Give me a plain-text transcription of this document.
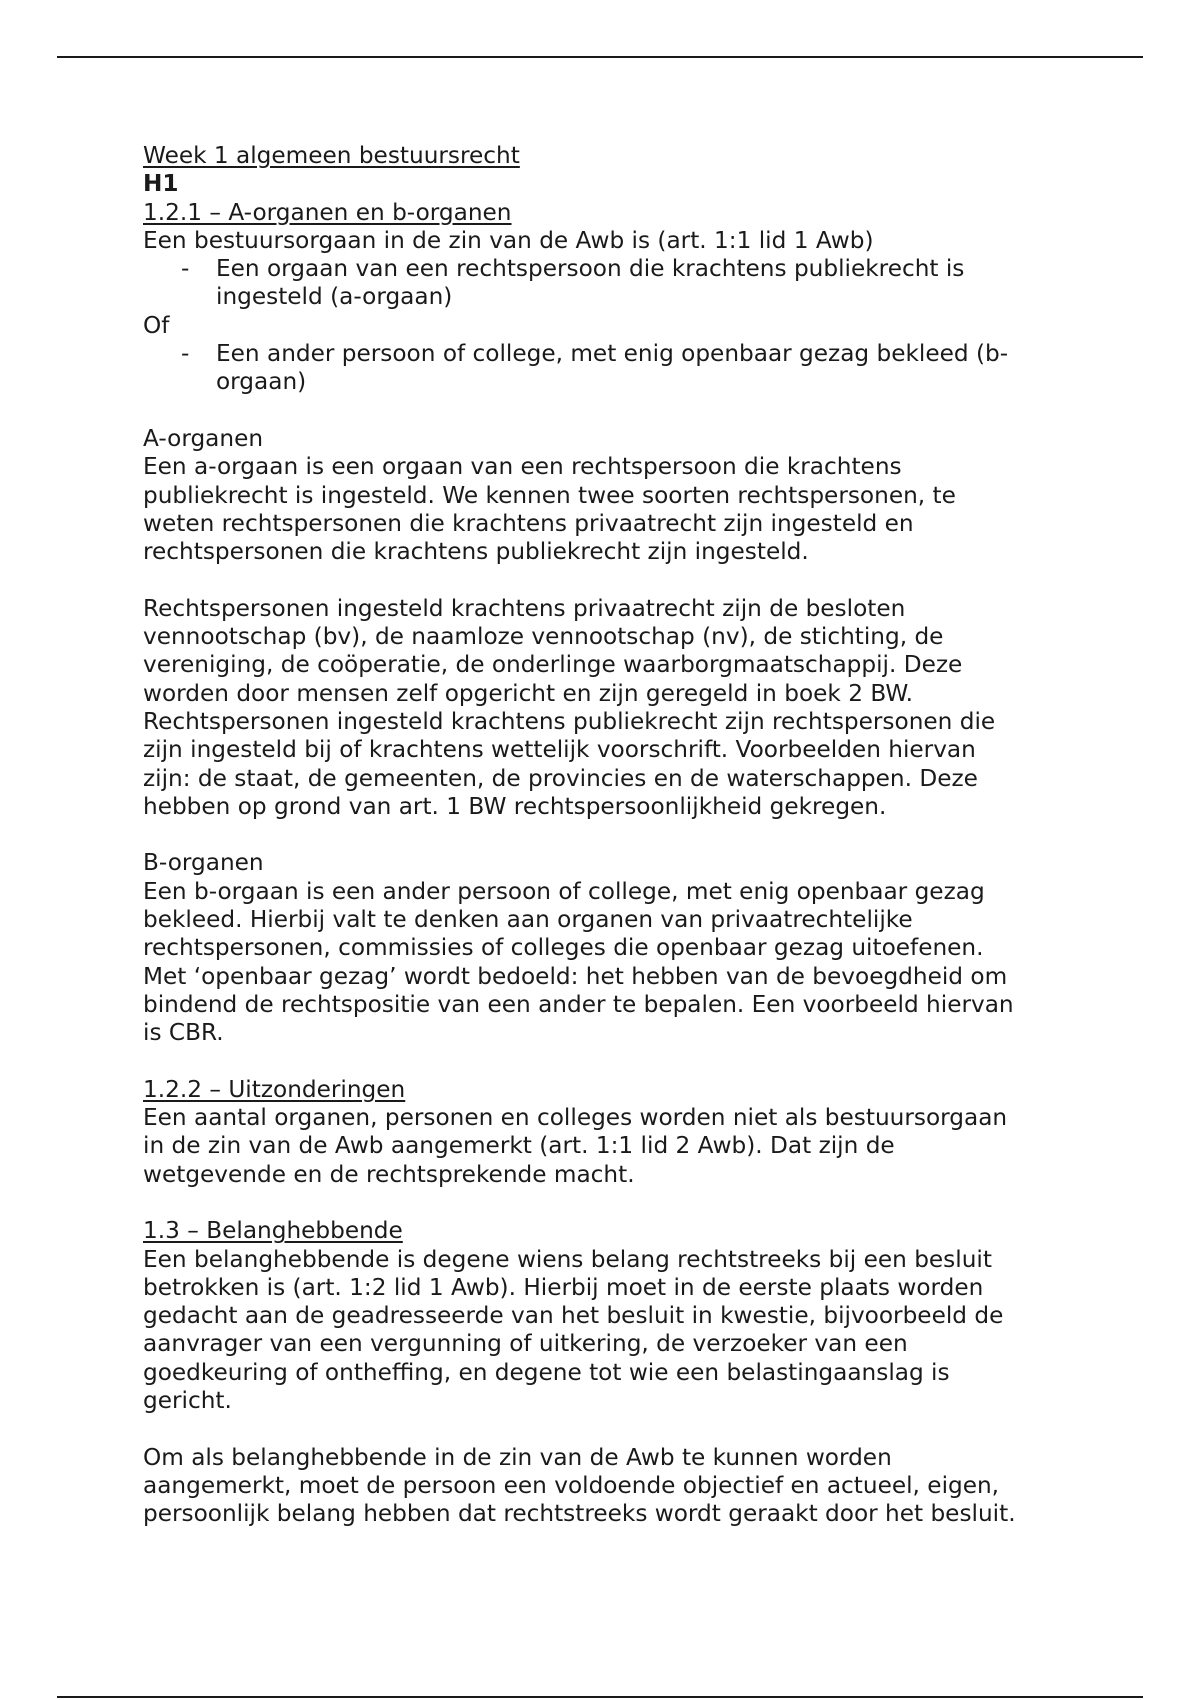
Week 1 algemeen bestuursrecht
H1
1.2.1 – A-organen en b-organen
Een bestuursorgaan in de zin van de Awb is (art. 1:1 lid 1 Awb)
- Een orgaan van een rechtspersoon die krachtens publiekrecht is
ingesteld (a-orgaan)
Of
- Een ander persoon of college, met enig openbaar gezag bekleed (b-
orgaan)
A-organen
Een a-orgaan is een orgaan van een rechtspersoon die krachtens
publiekrecht is ingesteld. We kennen twee soorten rechtspersonen, te
weten rechtspersonen die krachtens privaatrecht zijn ingesteld en
rechtspersonen die krachtens publiekrecht zijn ingesteld.
Rechtspersonen ingesteld krachtens privaatrecht zijn de besloten
vennootschap (bv), de naamloze vennootschap (nv), de stichting, de
vereniging, de coöperatie, de onderlinge waarborgmaatschappij. Deze
worden door mensen zelf opgericht en zijn geregeld in boek 2 BW.
Rechtspersonen ingesteld krachtens publiekrecht zijn rechtspersonen die
zijn ingesteld bij of krachtens wettelijk voorschrift. Voorbeelden hiervan
zijn: de staat, de gemeenten, de provincies en de waterschappen. Deze
hebben op grond van art. 1 BW rechtspersoonlijkheid gekregen.
B-organen
Een b-orgaan is een ander persoon of college, met enig openbaar gezag
bekleed. Hierbij valt te denken aan organen van privaatrechtelijke
rechtspersonen, commissies of colleges die openbaar gezag uitoefenen.
Met ‘openbaar gezag’ wordt bedoeld: het hebben van de bevoegdheid om
bindend de rechtspositie van een ander te bepalen. Een voorbeeld hiervan
is CBR.
1.2.2 – Uitzonderingen
Een aantal organen, personen en colleges worden niet als bestuursorgaan
in de zin van de Awb aangemerkt (art. 1:1 lid 2 Awb). Dat zijn de
wetgevende en de rechtsprekende macht.
1.3 – Belanghebbende
Een belanghebbende is degene wiens belang rechtstreeks bij een besluit
betrokken is (art. 1:2 lid 1 Awb). Hierbij moet in de eerste plaats worden
gedacht aan de geadresseerde van het besluit in kwestie, bijvoorbeeld de
aanvrager van een vergunning of uitkering, de verzoeker van een
goedkeuring of ontheffing, en degene tot wie een belastingaanslag is
gericht.
Om als belanghebbende in de zin van de Awb te kunnen worden
aangemerkt, moet de persoon een voldoende objectief en actueel, eigen,
persoonlijk belang hebben dat rechtstreeks wordt geraakt door het besluit.
